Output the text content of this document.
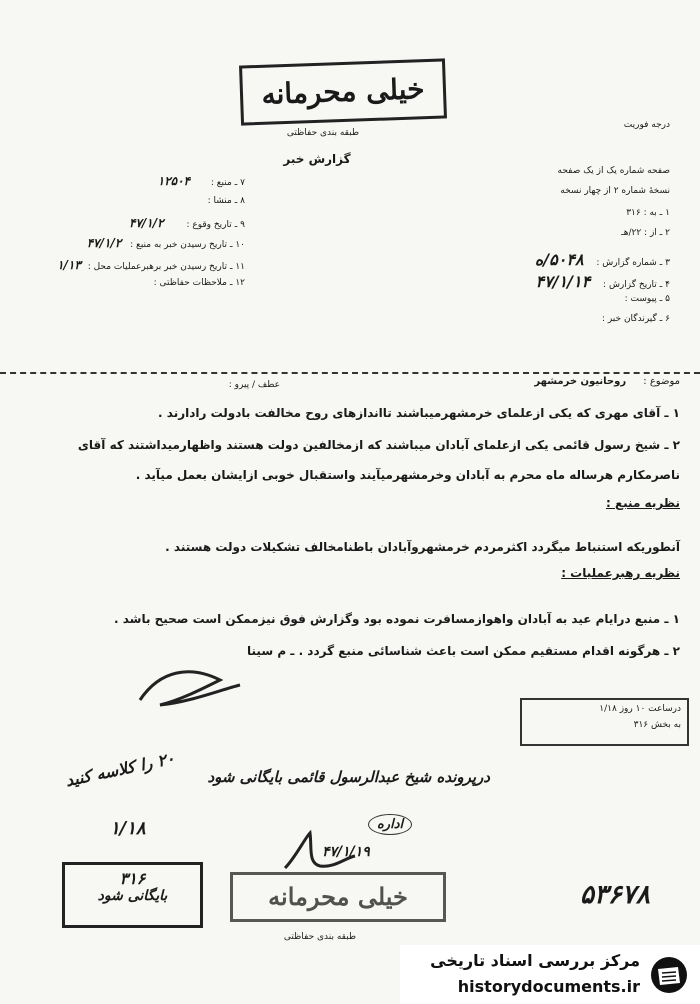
خیلی محرمانه
طبقه بندی حفاظتی
درجه فوریت
گزارش خبر
۷ ـ منبع : ۱۲۵۰۴
۸ ـ منشا :
۹ ـ تاریخ وقوع : ۴۷/۱/۲
۱۰ ـ تاریخ رسیدن خبر به منبع : ۴۷/۱/۲
۱۱ ـ تاریخ رسیدن خبر برهبرعملیات محل : ۱/۱۳
۱۲ ـ ملاحظات حفاظتی :
صفحه شماره یک از یک صفحه
نسخهٔ شماره ۲ از چهار نسخه
۱ ـ به : ۳۱۶
۲ ـ از : ۲۲/هـ
۳ ـ شماره گزارش : ۵۰۴۸/ه
۴ ـ تاریخ گزارش : ۴۷/۱/۱۴
۵ ـ پیوست :
۶ ـ گیرندگان خبر :
عطف / پیرو :	موضوع : روحانیون خرمشهر
۱ ـ آقای مهری که یکی ازعلمای خرمشهرمیباشند تااندازهای روح مخالفت بادولت رادارند .
۲ ـ شیخ رسول قائمی یکی ازعلمای آبادان میباشند که ازمخالفین دولت هستند واظهارمیداشتند که آقای
ناصرمکارم هرساله ماه محرم به آبادان وخرمشهرمیآیند واستقبال خوبی ازایشان بعمل میآید .
نظریه منبع :
آنطوریکه استنباط میگردد اکثرمردم خرمشهروآبادان باطنامخالف تشکیلات دولت هستند .
نظریه رهبرعملیات :
۱ ـ منبع درایام عید به آبادان واهوازمسافرت نموده بود وگزارش فوق نیزممکن است صحیح باشد .
۲ ـ هرگونه اقدام مستقیم ممکن است باعث شناسائی منبع گردد . ـ م سینا
درساعت ۱۰ روز ۱/۱۸
به بخش ۳۱۶
درپرونده شیخ عبدالرسول قائمی بایگانی شود
۲۰ را کلاسه کنید
۱/۱۸	اداره
۴۷/۱/۱۹
۳۱۶
بایگانی شود	خیلی محرمانه
طبقه بندی حفاظتی
۵۳۶۷۸
مرکز بررسی اسناد تاریخی
historydocuments.ir
